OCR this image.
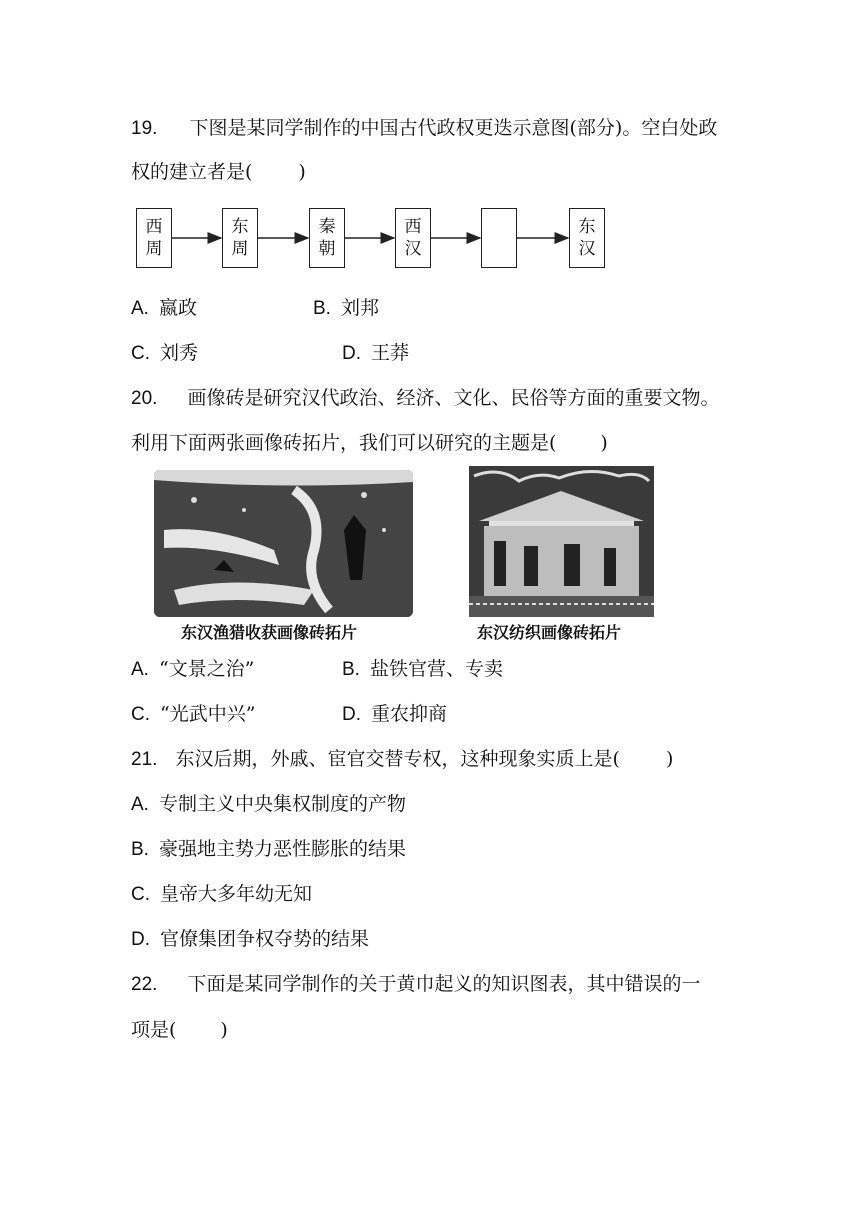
19. 下图是某同学制作的中国古代政权更迭示意图(部分)。空白处政
权的建立者是( )
西周
东周
秦朝
西汉
东汉
A. 嬴政	B. 刘邦
C. 刘秀	D. 王莽
20. 画像砖是研究汉代政治、经济、文化、民俗等方面的重要文物。
利用下面两张画像砖拓片，我们可以研究的主题是( )
东汉渔猎收获画像砖拓片	东汉纺织画像砖拓片
A. “文景之治”	B. 盐铁官营、专卖
C. “光武中兴”	D. 重农抑商
21. 东汉后期，外戚、宦官交替专权，这种现象实质上是( )
A. 专制主义中央集权制度的产物
B. 豪强地主势力恶性膨胀的结果
C. 皇帝大多年幼无知
D. 官僚集团争权夺势的结果
22. 下面是某同学制作的关于黄巾起义的知识图表，其中错误的一
项是( )
